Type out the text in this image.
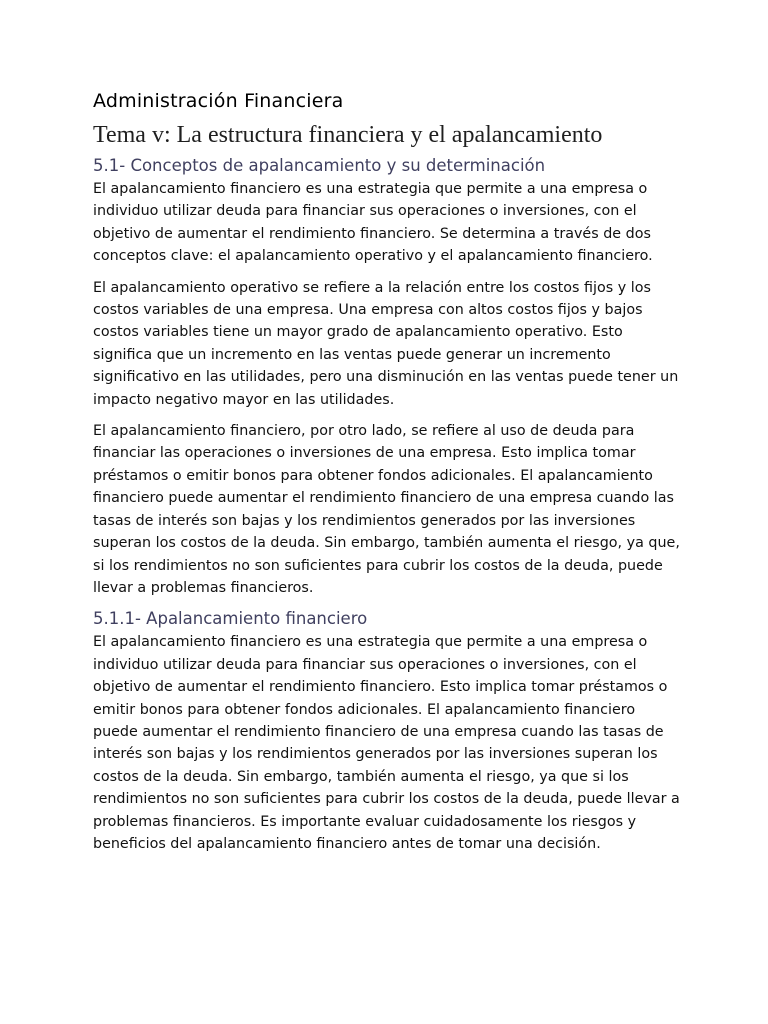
Administración Financiera
Tema v: La estructura financiera y el apalancamiento
5.1- Conceptos de apalancamiento y su determinación

El apalancamiento financiero es una estrategia que permite a una empresa o individuo utilizar deuda para financiar sus operaciones o inversiones, con el objetivo de aumentar el rendimiento financiero. Se determina a través de dos conceptos clave: el apalancamiento operativo y el apalancamiento financiero.

El apalancamiento operativo se refiere a la relación entre los costos fijos y los costos variables de una empresa. Una empresa con altos costos fijos y bajos costos variables tiene un mayor grado de apalancamiento operativo. Esto significa que un incremento en las ventas puede generar un incremento significativo en las utilidades, pero una disminución en las ventas puede tener un impacto negativo mayor en las utilidades.

El apalancamiento financiero, por otro lado, se refiere al uso de deuda para financiar las operaciones o inversiones de una empresa. Esto implica tomar préstamos o emitir bonos para obtener fondos adicionales. El apalancamiento financiero puede aumentar el rendimiento financiero de una empresa cuando las tasas de interés son bajas y los rendimientos generados por las inversiones superan los costos de la deuda. Sin embargo, también aumenta el riesgo, ya que, si los rendimientos no son suficientes para cubrir los costos de la deuda, puede llevar a problemas financieros.

5.1.1- Apalancamiento financiero

El apalancamiento financiero es una estrategia que permite a una empresa o individuo utilizar deuda para financiar sus operaciones o inversiones, con el objetivo de aumentar el rendimiento financiero. Esto implica tomar préstamos o emitir bonos para obtener fondos adicionales. El apalancamiento financiero puede aumentar el rendimiento financiero de una empresa cuando las tasas de interés son bajas y los rendimientos generados por las inversiones superan los costos de la deuda. Sin embargo, también aumenta el riesgo, ya que si los rendimientos no son suficientes para cubrir los costos de la deuda, puede llevar a problemas financieros. Es importante evaluar cuidadosamente los riesgos y beneficios del apalancamiento financiero antes de tomar una decisión.
